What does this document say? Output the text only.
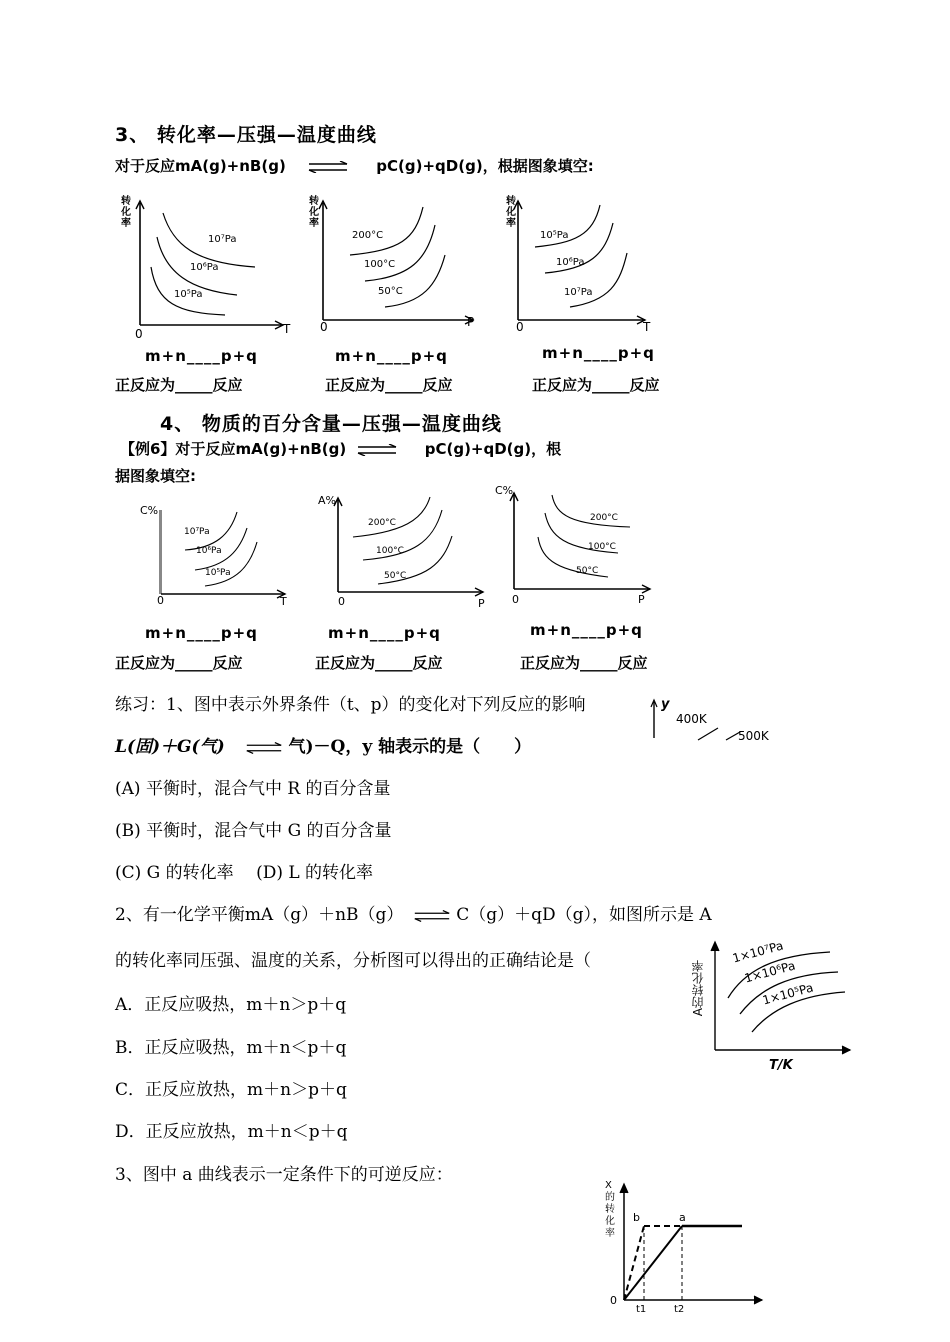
3、 转化率—压强—温度曲线
对于反应mA(g)+nB(g) ⇌ pC(g)+qD(g)，根据图象填空:
转
化
率
0	T
10⁷Pa
10⁶Pa
10⁵Pa
转
化
率
0	P
200°C
100°C
50°C
转
化
率
0	T
10⁵Pa
10⁶Pa
10⁷Pa
m+n____p+q	m+n____p+q	m+n____p+q
正反应为_____反应	正反应为_____反应	正反应为_____反应
4、 物质的百分含量—压强—温度曲线
【例6】对于反应mA(g)+nB(g) ⇌ pC(g)+qD(g)，根
据图象填空:
C%
0	T
10⁷Pa
10⁶Pa
10⁵Pa
A%
0	P
200°C
100°C
50°C
C%
0	P
200°C
100°C
50°C
m+n____p+q	m+n____p+q	m+n____p+q
正反应为_____反应	正反应为_____反应	正反应为_____反应
练习：1、图中表示外界条件（t、p）的变化对下列反应的影响
L(固)＋G(气) ⇌ 气)－Q，y 轴表示的是（　　）
(A) 平衡时，混合气中 R 的百分含量
(B) 平衡时，混合气中 G 的百分含量
(C) G 的转化率　 (D) L 的转化率
y
400K
500K
2、有一化学平衡mA（g）＋nB（g） ⇌ C（g）＋qD（g），如图所示是 A
的转化率同压强、温度的关系，分析图可以得出的正确结论是（
A．正反应吸热，m＋n＞p＋q
B．正反应吸热，m＋n＜p＋q
C．正反应放热，m＋n＞p＋q
D．正反应放热，m＋n＜p＋q
A的转化率
T/K
1×10⁷Pa
1×10⁶Pa
1×10⁵Pa
3、图中 a 曲线表示一定条件下的可逆反应：
X
的
转
化
率
0
b	a
t1	t2
